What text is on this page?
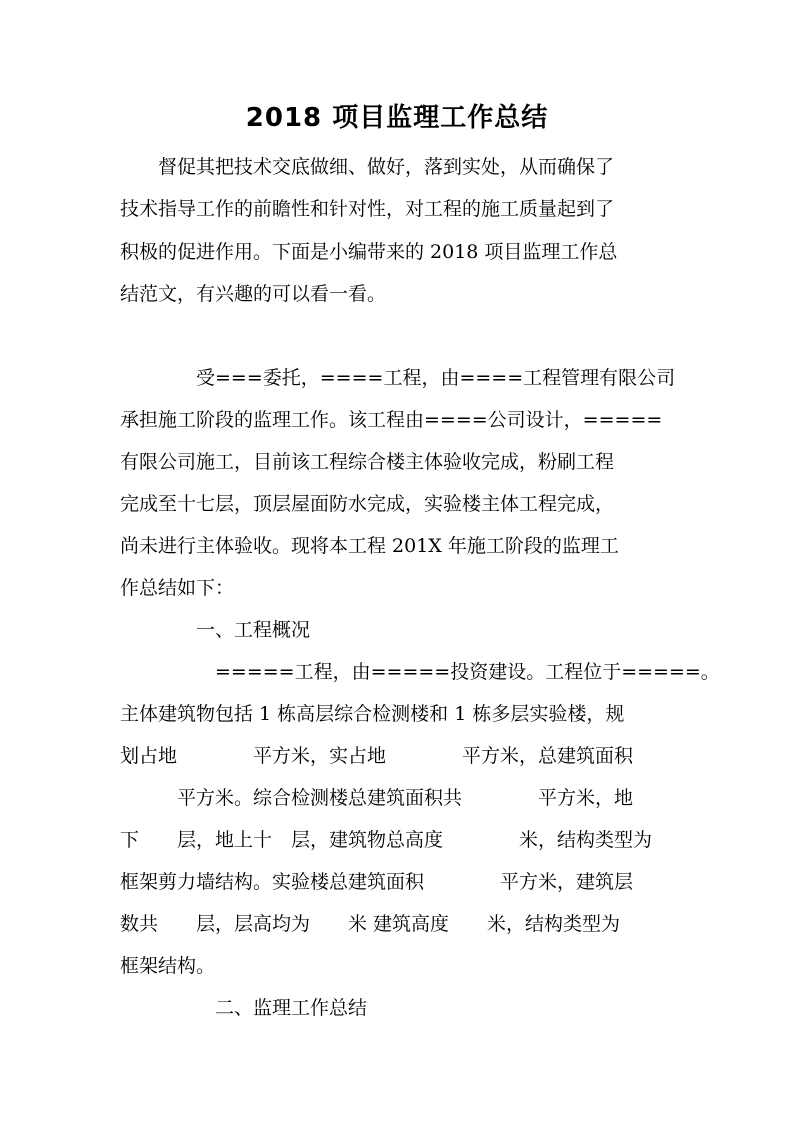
2018 项目监理工作总结
　　督促其把技术交底做细、做好，落到实处，从而确保了
技术指导工作的前瞻性和针对性，对工程的施工质量起到了
积极的促进作用。下面是小编带来的 2018 项目监理工作总
结范文，有兴趣的可以看一看。
　　　　受===委托，====工程，由====工程管理有限公司
承担施工阶段的监理工作。该工程由====公司设计，=====
有限公司施工，目前该工程综合楼主体验收完成，粉刷工程
完成至十七层，顶层屋面防水完成，实验楼主体工程完成，
尚未进行主体验收。现将本工程 201X 年施工阶段的监理工
作总结如下：
　　　　一、工程概况
　　　　　=====工程，由=====投资建设。工程位于=====。
主体建筑物包括 1 栋高层综合检测楼和 1 栋多层实验楼，规
划占地　　　　平方米，实占地　　　　平方米，总建筑面积
　　　平方米。综合检测楼总建筑面积共　　　　平方米，地
下　　层，地上十　层，建筑物总高度　　　　米，结构类型为
框架剪力墙结构。实验楼总建筑面积　　　　平方米，建筑层
数共　　层，层高均为　　米 建筑高度　　米，结构类型为
框架结构。
　　　　　二、监理工作总结
